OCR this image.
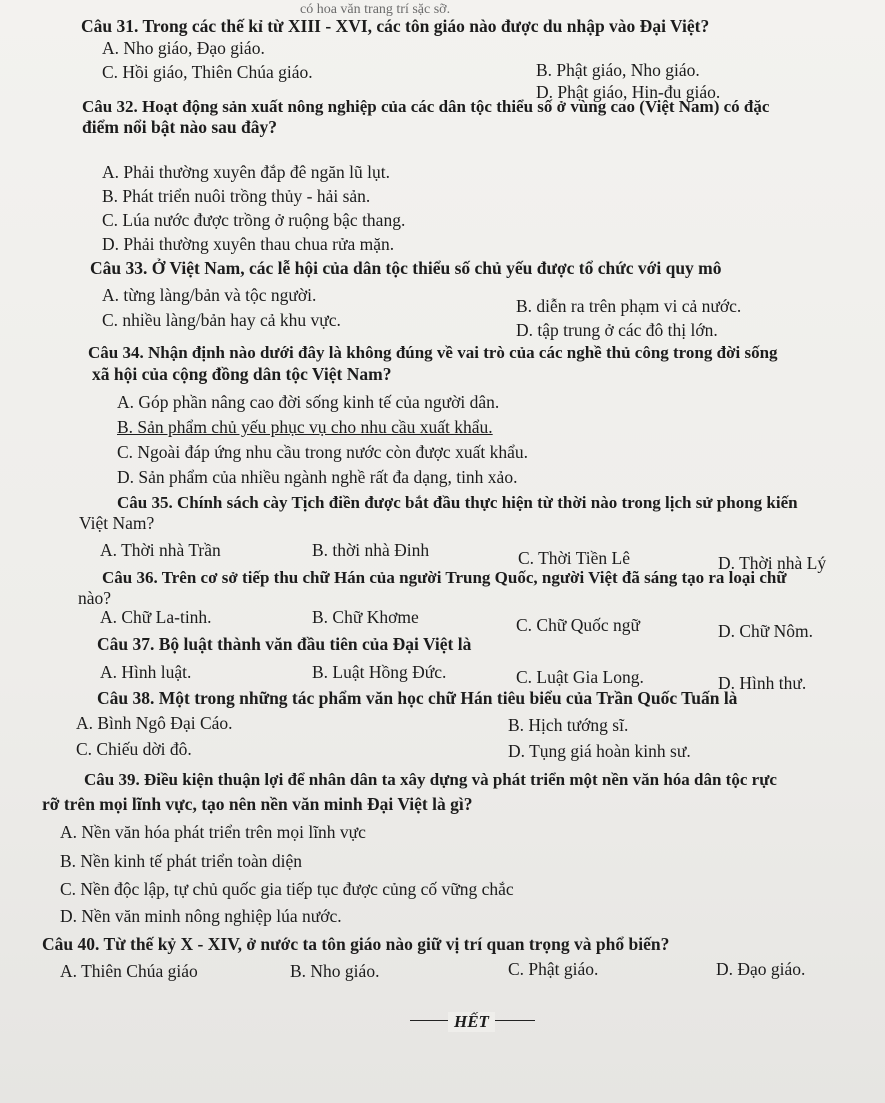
có hoa văn trang trí sặc sỡ.
Câu 31. Trong các thế kỉ từ XIII - XVI, các tôn giáo nào được du nhập vào Đại Việt?
A. Nho giáo, Đạo giáo.
B. Phật giáo, Nho giáo.
C. Hồi giáo, Thiên Chúa giáo.
D. Phật giáo, Hin-đu giáo.
Câu 32. Hoạt động sản xuất nông nghiệp của các dân tộc thiểu số ở vùng cao (Việt Nam) có đặc
điểm nổi bật nào sau đây?
A. Phải thường xuyên đắp đê ngăn lũ lụt.
B. Phát triển nuôi trồng thủy - hải sản.
C. Lúa nước được trồng ở ruộng bậc thang.
D. Phải thường xuyên thau chua rửa mặn.
Câu 33. Ở Việt Nam, các lễ hội của dân tộc thiểu số chủ yếu được tổ chức với quy mô
A. từng làng/bản và tộc người.
B. diễn ra trên phạm vi cả nước.
C. nhiều làng/bản hay cả khu vực.	D. tập trung ở các đô thị lớn.
Câu 34. Nhận định nào dưới đây là không đúng về vai trò của các nghề thủ công trong đời sống
xã hội của cộng đồng dân tộc Việt Nam?
A. Góp phần nâng cao đời sống kinh tế của người dân.
B. Sản phẩm chủ yếu phục vụ cho nhu cầu xuất khẩu.
C. Ngoài đáp ứng nhu cầu trong nước còn được xuất khẩu.
D. Sản phẩm của nhiều ngành nghề rất đa dạng, tinh xảo.
Câu 35. Chính sách cày Tịch điền được bắt đầu thực hiện từ thời nào trong lịch sử phong kiến
Việt Nam?
A. Thời nhà Trần	B. thời nhà Đinh	C. Thời Tiền Lê	D. Thời nhà Lý
Câu 36. Trên cơ sở tiếp thu chữ Hán của người Trung Quốc, người Việt đã sáng tạo ra loại chữ
nào?
A. Chữ La-tinh.	B. Chữ Khơme	C. Chữ Quốc ngữ	D. Chữ Nôm.
Câu 37. Bộ luật thành văn đầu tiên của Đại Việt là
A. Hình luật.	B. Luật Hồng Đức.	C. Luật Gia Long.	D. Hình thư.
Câu 38. Một trong những tác phẩm văn học chữ Hán tiêu biểu của Trần Quốc Tuấn là
A. Bình Ngô Đại Cáo.	B. Hịch tướng sĩ.
C. Chiếu dời đô.	D. Tụng giá hoàn kinh sư.
Câu 39. Điều kiện thuận lợi để nhân dân ta xây dựng và phát triển một nền văn hóa dân tộc rực
rỡ trên mọi lĩnh vực, tạo nên nền văn minh Đại Việt là gì?
A. Nền văn hóa phát triển trên mọi lĩnh vực
B. Nền kinh tế phát triển toàn diện
C. Nền độc lập, tự chủ quốc gia tiếp tục được củng cố vững chắc
D. Nền văn minh nông nghiệp lúa nước.
Câu 40. Từ thế kỷ X - XIV, ở nước ta tôn giáo nào giữ vị trí quan trọng và phổ biến?
A. Thiên Chúa giáo	B. Nho giáo.	C. Phật giáo.	D. Đạo giáo.
HẾT
